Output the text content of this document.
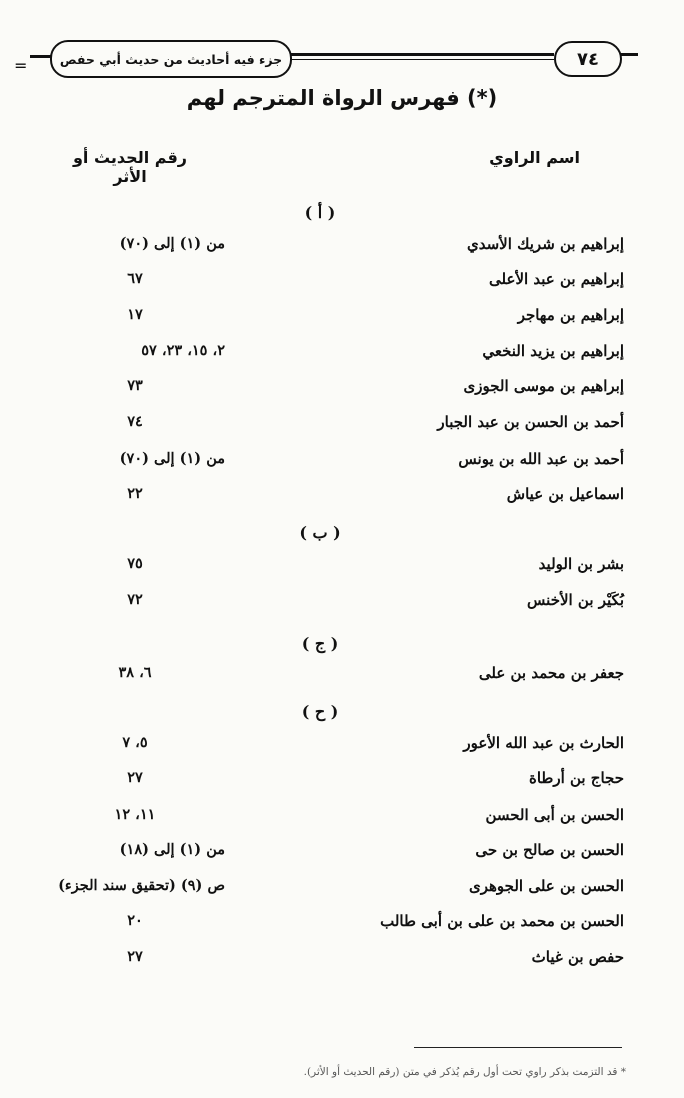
=	جزء فيه أحاديث من حديث أبي حفص	٧٤
فهرس الرواة المترجم لهم (*)
اسم الراوي
رقم الحديث أو الأثر
( أ )
إبراهيم بن شريك الأسدي
من (١) إلى (٧٠)
إبراهيم بن عبد الأعلى
٦٧
إبراهيم بن مهاجر
١٧
إبراهيم بن يزيد النخعي
٢، ١٥، ٢٣، ٥٧
إبراهيم بن موسى الجوزى
٧٣
أحمد بن الحسن بن عبد الجبار
٧٤
أحمد بن عبد الله بن يونس
من (١) إلى (٧٠)
اسماعيل بن عياش
٢٢
( ب )
بشر بن الوليد
٧٥
بُكَيْر بن الأخنس
٧٢
( ج )
جعفر بن محمد بن على
٦، ٣٨
( ح )
الحارث بن عبد الله الأعور
٥، ٧
حجاج بن أرطاة
٢٧
الحسن بن أبى الحسن
١١، ١٢
الحسن بن صالح بن حى
من (١) إلى (١٨)
الحسن بن على الجوهرى
ص (٩) (تحقيق سند الجزء)
الحسن بن محمد بن على بن أبى طالب
٢٠
حفص بن غياث
٢٧
* قد التزمت بذكر راوي تحت أول رقم يُذكر في متن (رقم الحديث أو الأثر).
